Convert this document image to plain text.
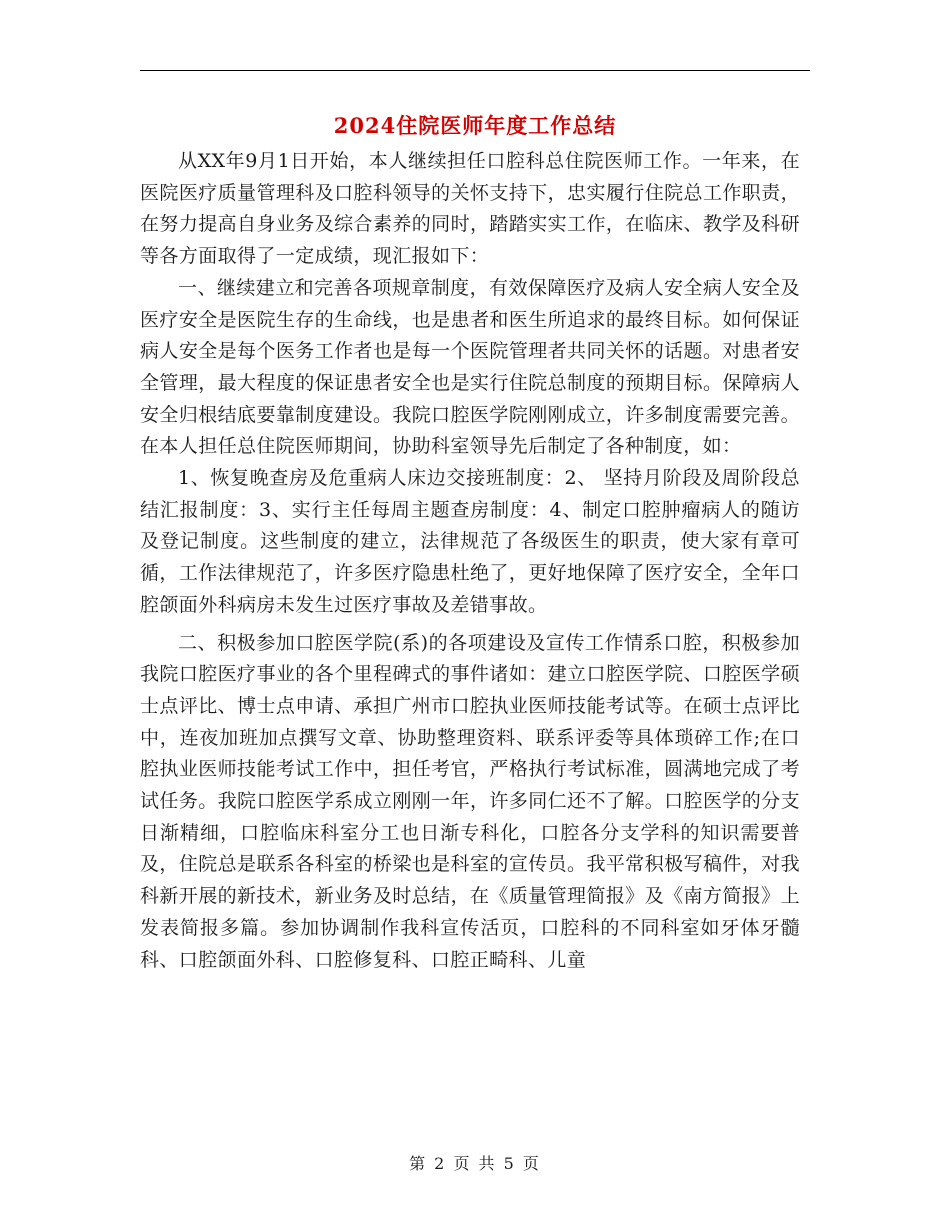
2024住院医师年度工作总结

从XX年9月1日开始，本人继续担任口腔科总住院医师工作。一年来，在医院医疗质量管理科及口腔科领导的关怀支持下，忠实履行住院总工作职责，在努力提高自身业务及综合素养的同时，踏踏实实工作，在临床、教学及科研等各方面取得了一定成绩，现汇报如下：

一、继续建立和完善各项规章制度，有效保障医疗及病人安全病人安全及医疗安全是医院生存的生命线，也是患者和医生所追求的最终目标。如何保证病人安全是每个医务工作者也是每一个医院管理者共同关怀的话题。对患者安全管理，最大程度的保证患者安全也是实行住院总制度的预期目标。保障病人安全归根结底要靠制度建设。我院口腔医学院刚刚成立，许多制度需要完善。在本人担任总住院医师期间，协助科室领导先后制定了各种制度，如：

1、恢复晚查房及危重病人床边交接班制度：2、 坚持月阶段及周阶段总结汇报制度：3、实行主任每周主题查房制度：4、制定口腔肿瘤病人的随访及登记制度。这些制度的建立，法律规范了各级医生的职责，使大家有章可循，工作法律规范了，许多医疗隐患杜绝了，更好地保障了医疗安全，全年口腔颌面外科病房未发生过医疗事故及差错事故。

二、积极参加口腔医学院(系)的各项建设及宣传工作情系口腔，积极参加我院口腔医疗事业的各个里程碑式的事件诸如：建立口腔医学院、口腔医学硕士点评比、博士点申请、承担广州市口腔执业医师技能考试等。在硕士点评比中，连夜加班加点撰写文章、协助整理资料、联系评委等具体琐碎工作;在口腔执业医师技能考试工作中，担任考官，严格执行考试标准，圆满地完成了考试任务。我院口腔医学系成立刚刚一年，许多同仁还不了解。口腔医学的分支日渐精细，口腔临床科室分工也日渐专科化，口腔各分支学科的知识需要普及，住院总是联系各科室的桥梁也是科室的宣传员。我平常积极写稿件，对我科新开展的新技术，新业务及时总结，在《质量管理简报》及《南方简报》上发表简报多篇。参加协调制作我科宣传活页，口腔科的不同科室如牙体牙髓科、口腔颌面外科、口腔修复科、口腔正畸科、儿童

第 2 页 共 5 页
